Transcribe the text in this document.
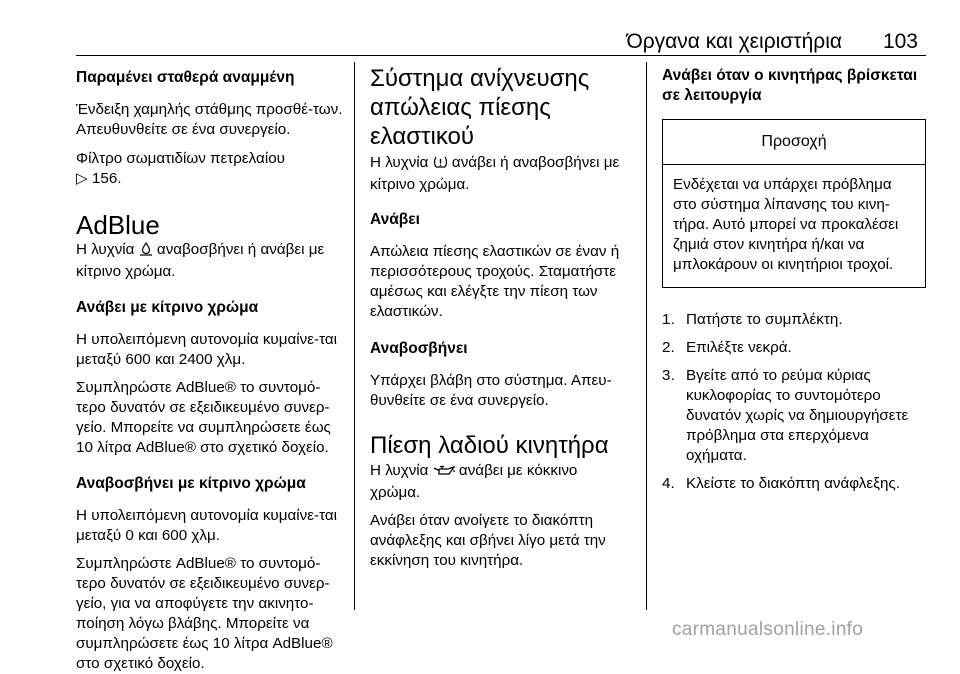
Όργανα και χειριστήρια 103
Παραμένει σταθερά αναμμένη

Ένδειξη χαμηλής στάθμης προσθέ-των. Απευθυνθείτε σε ένα συνεργείο.

Φίλτρο σωματιδίων πετρελαίου
▷ 156.

AdBlue

Η λυχνία αναβοσβήνει ή ανάβει με κίτρινο χρώμα.

Ανάβει με κίτρινο χρώμα

Η υπολειπόμενη αυτονομία κυμαίνε-ται μεταξύ 600 και 2400 χλμ.

Συμπληρώστε AdBlue® το συντομό-τερο δυνατόν σε εξειδικευμένο συνερ-γείο. Μπορείτε να συμπληρώσετε έως 10 λίτρα AdBlue® στο σχετικό δοχείο.

Αναβοσβήνει με κίτρινο χρώμα

Η υπολειπόμενη αυτονομία κυμαίνε-ται μεταξύ 0 και 600 χλμ.

Συμπληρώστε AdBlue® το συντομό-τερο δυνατόν σε εξειδικευμένο συνερ-γείο, για να αποφύγετε την ακινητο-ποίηση λόγω βλάβης. Μπορείτε να συμπληρώσετε έως 10 λίτρα AdBlue® στο σχετικό δοχείο.

Σύστημα ανίχνευσης απώλειας πίεσης ελαστικού

Η λυχνία ανάβει ή αναβοσβήνει με κίτρινο χρώμα.

Ανάβει

Απώλεια πίεσης ελαστικών σε έναν ή περισσότερους τροχούς. Σταματήστε αμέσως και ελέγξτε την πίεση των ελαστικών.

Αναβοσβήνει

Υπάρχει βλάβη στο σύστημα. Απευ-θυνθείτε σε ένα συνεργείο.

Πίεση λαδιού κινητήρα

Η λυχνία ανάβει με κόκκινο χρώμα.

Ανάβει όταν ανοίγετε το διακόπτη ανάφλεξης και σβήνει λίγο μετά την εκκίνηση του κινητήρα.

Ανάβει όταν ο κινητήρας βρίσκεται σε λειτουργία
Προσοχή
Ενδέχεται να υπάρχει πρόβλημα στο σύστημα λίπανσης του κινη-τήρα. Αυτό μπορεί να προκαλέσει ζημιά στον κινητήρα ή/και να μπλοκάρουν οι κινητήριοι τροχοί.
1. Πατήστε το συμπλέκτη.
2. Επιλέξτε νεκρά.
3. Βγείτε από το ρεύμα κύριας κυκλοφορίας το συντομότερο δυνατόν χωρίς να δημιουργήσετε πρόβλημα στα επερχόμενα οχήματα.
4. Κλείστε το διακόπτη ανάφλεξης.
carmanualsonline.info
